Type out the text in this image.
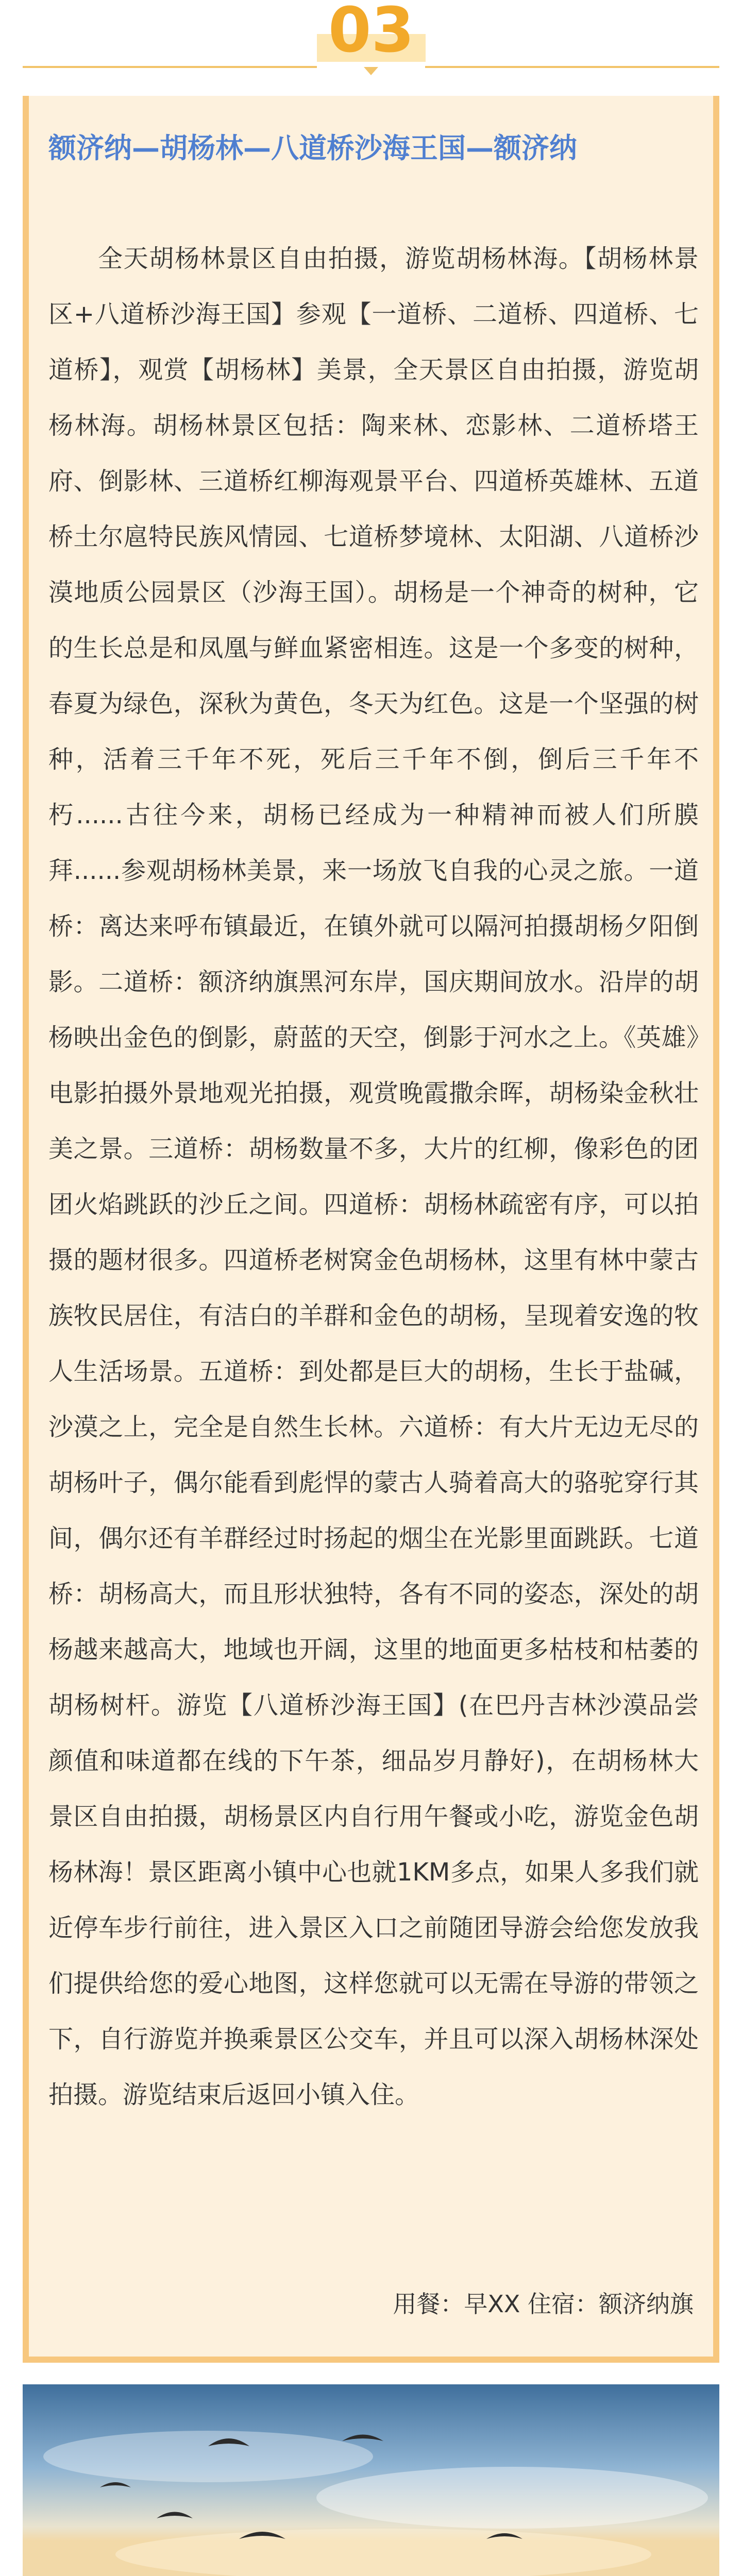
03
额济纳—胡杨林—八道桥沙海王国—额济纳

全天胡杨林景区自由拍摄，游览胡杨林海。【胡杨林景区+八道桥沙海王国】参观【一道桥、二道桥、四道桥、七道桥】，观赏【胡杨林】美景，全天景区自由拍摄，游览胡杨林海。胡杨林景区包括：陶来林、恋影林、二道桥塔王府、倒影林、三道桥红柳海观景平台、四道桥英雄林、五道桥土尔扈特民族风情园、七道桥梦境林、太阳湖、八道桥沙漠地质公园景区（沙海王国）。胡杨是一个神奇的树种，它的生长总是和凤凰与鲜血紧密相连。这是一个多变的树种，春夏为绿色，深秋为黄色，冬天为红色。这是一个坚强的树种，活着三千年不死，死后三千年不倒，倒后三千年不朽......古往今来，胡杨已经成为一种精神而被人们所膜拜......参观胡杨林美景，来一场放飞自我的心灵之旅。一道桥：离达来呼布镇最近，在镇外就可以隔河拍摄胡杨夕阳倒影。二道桥：额济纳旗黑河东岸，国庆期间放水。沿岸的胡杨映出金色的倒影，蔚蓝的天空，倒影于河水之上。《英雄》电影拍摄外景地观光拍摄，观赏晚霞撒余晖，胡杨染金秋壮美之景。三道桥：胡杨数量不多，大片的红柳，像彩色的团团火焰跳跃的沙丘之间。四道桥：胡杨林疏密有序，可以拍摄的题材很多。四道桥老树窝金色胡杨林，这里有林中蒙古族牧民居住，有洁白的羊群和金色的胡杨，呈现着安逸的牧人生活场景。五道桥：到处都是巨大的胡杨，生长于盐碱，沙漠之上，完全是自然生长林。六道桥：有大片无边无尽的胡杨叶子，偶尔能看到彪悍的蒙古人骑着高大的骆驼穿行其间，偶尔还有羊群经过时扬起的烟尘在光影里面跳跃。七道桥：胡杨高大，而且形状独特，各有不同的姿态，深处的胡杨越来越高大，地域也开阔，这里的地面更多枯枝和枯萎的胡杨树杆。游览【八道桥沙海王国】(在巴丹吉林沙漠品尝颜值和味道都在线的下午茶，细品岁月静好)，在胡杨林大景区自由拍摄，胡杨景区内自行用午餐或小吃，游览金色胡杨林海！景区距离小镇中心也就1KM多点，如果人多我们就近停车步行前往，进入景区入口之前随团导游会给您发放我们提供给您的爱心地图，这样您就可以无需在导游的带领之下，自行游览并换乘景区公交车，并且可以深入胡杨林深处拍摄。游览结束后返回小镇入住。

用餐：早XX 住宿：额济纳旗
